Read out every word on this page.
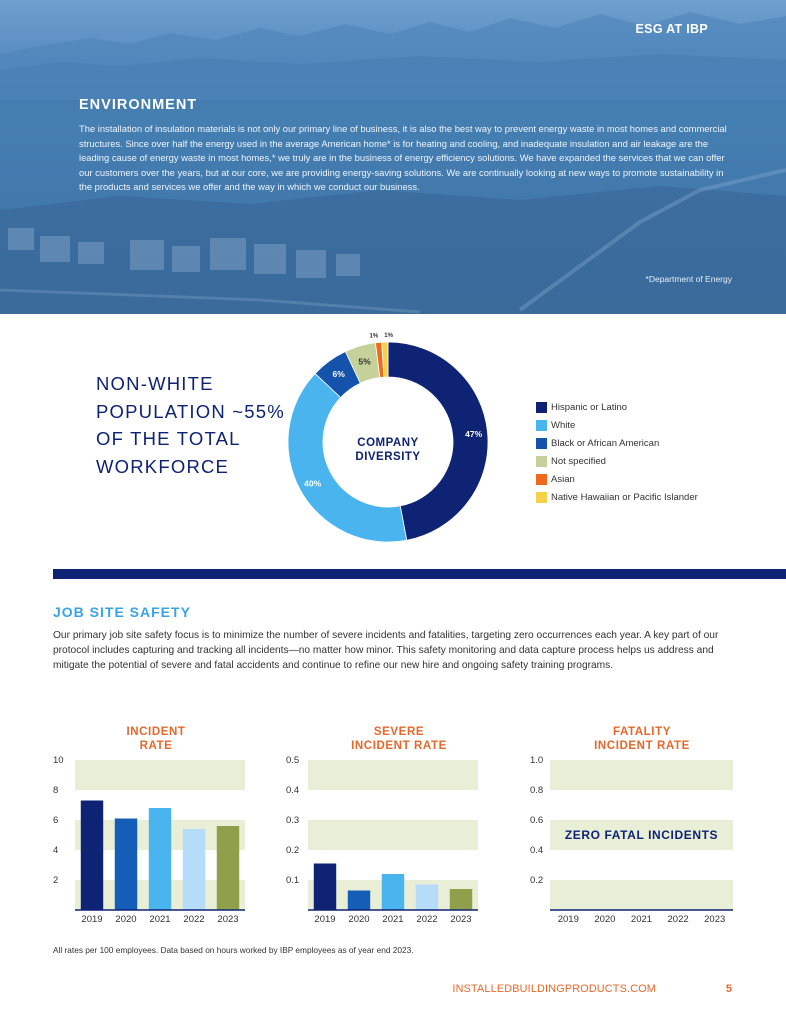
ESG AT IBP
ENVIRONMENT

The installation of insulation materials is not only our primary line of business, it is also the best way to prevent energy waste in most homes and commercial structures. Since over half the energy used in the average American home* is for heating and cooling, and inadequate insulation and air leakage are the leading cause of energy waste in most homes,* we truly are in the business of energy efficiency solutions. We have expanded the services that we can offer our customers over the years, but at our core, we are providing energy-saving solutions. We are continually looking at new ways to promote sustainability in the products and services we offer and the way in which we conduct our business.

*Department of Energy
NON-WHITE POPULATION ~55% OF THE TOTAL WORKFORCE
47%
40%
6%
5%
1% 1%
COMPANY
DIVERSITY
Hispanic or Latino
White
Black or African American
Not specified
Asian
Native Hawaiian or Pacific Islander
JOB SITE SAFETY

Our primary job site safety focus is to minimize the number of severe incidents and fatalities, targeting zero occurrences each year. A key part of our protocol includes capturing and tracking all incidents—no matter how minor. This safety monitoring and data capture process helps us address and mitigate the potential of severe and fatal accidents and continue to refine our new hire and ongoing safety training programs.

INCIDENT
RATE
2
4
6
8
10
2019 2020 2021 2022 2023
SEVERE
INCIDENT RATE
0.1
0.2
0.3
0.4
0.5
2019 2020 2021 2022 2023
FATALITY
INCIDENT RATE
0.2
0.4
0.6
0.8
1.0
2019 2020 2021 2022 2023
ZERO FATAL INCIDENTS
All rates per 100 employees. Data based on hours worked by IBP employees as of year end 2023.
INSTALLEDBUILDINGPRODUCTS.COM	5
